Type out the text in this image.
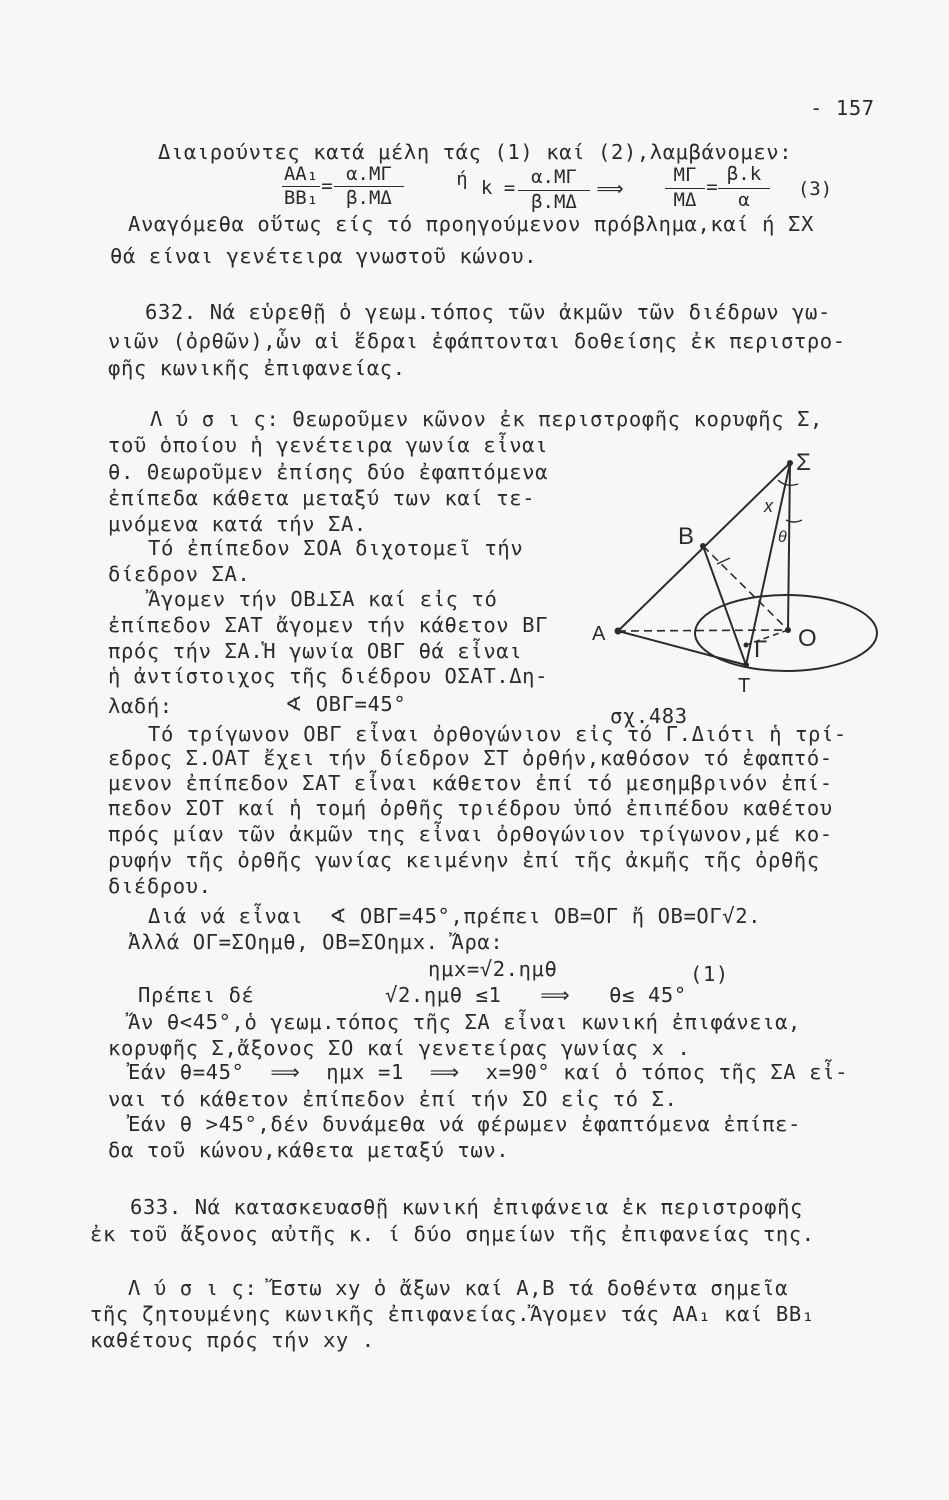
- 157
Διαιρούντες κατά μέλη τάς (1) καί (2),λαμβάνομεν:
ΑΑ₁
ΒΒ₁
=
α.ΜΓ
β.ΜΔ
ή k = α.ΜΓ
β.ΜΔ
⟹
ΜΓ
ΜΔ
=
β.k
α	(3)
Αναγόμεθα οὕτως είς τό προηγούμενον πρόβλημα,καί ή ΣΧ
θά είναι γενέτειρα γνωστοῦ κώνου.
632. Νά εὑρεθῇ ὁ γεωμ.τόπος τῶν ἀκμῶν τῶν διέδρων γω-
νιῶν (ὀρθῶν),ὧν αἱ ἕδραι ἐφάπτονται δοθείσης ἐκ περιστρο-
φῆς κωνικῆς ἐπιφανείας.
Λ ύ σ ι ς: Θεωροῦμεν κῶνον ἐκ περιστροφῆς κορυφῆς Σ,
τοῦ ὁποίου ἡ γενέτειρα γωνία εἶναι
θ. Θεωροῦμεν ἐπίσης δύο ἐφαπτόμενα
ἐπίπεδα κάθετα μεταξύ των καί τε-
μνόμενα κατά τήν ΣΑ.
Τό ἐπίπεδον ΣΟΑ διχοτομεῖ τήν
δίεδρον ΣΑ.
Ἄγομεν τήν ΟΒ⊥ΣΑ καί εἰς τό
ἐπίπεδον ΣΑΤ ἄγομεν τήν κάθετον ΒΓ
πρός τήν ΣΑ.Ἡ γωνία ΟΒΓ θά εἶναι
ἡ ἀντίστοιχος τῆς διέδρου ΟΣΑΤ.Δη-
λαδή:	∢ ΟΒΓ=45°
Σ
Β
Α	Ο
Γ
Τ
x
θ
σχ.483
Τό τρίγωνον ΟΒΓ εἶναι ὀρθογώνιον εἰς τό Γ.Διότι ἡ τρί-
εδρος Σ.ΟΑΤ ἔχει τήν δίεδρον ΣΤ ὀρθήν,καθόσον τό ἐφαπτό-
μενον ἐπίπεδον ΣΑΤ εἶναι κάθετον ἐπί τό μεσημβρινόν ἐπί-
πεδον ΣΟΤ καί ἡ τομή ὀρθῆς τριέδρου ὑπό ἐπιπέδου καθέτου
πρός μίαν τῶν ἀκμῶν της εἶναι ὀρθογώνιον τρίγωνον,μέ κο-
ρυφήν τῆς ὀρθῆς γωνίας κειμένην ἐπί τῆς ἀκμῆς τῆς ὀρθῆς
διέδρου.
Διά νά εἶναι  ∢ ΟΒΓ=45°,πρέπει ΟΒ=ΟΓ ἤ ΟΒ=ΟΓ√2.
Ἀλλά ΟΓ=ΣΟημθ, ΟΒ=ΣΟημx. Ἄρα:
ημx=√2.ημθ	(1)
Πρέπει δέ	√2.ημθ ≤1   ⟹   θ≤ 45°
Ἄν θ<45°,ὁ γεωμ.τόπος τῆς ΣΑ εἶναι κωνική ἐπιφάνεια,
κορυφῆς Σ,ἄξονος ΣΟ καί γενετείρας γωνίας x .
Ἐάν θ=45°  ⟹  ημx =1  ⟹  x=90° καί ὁ τόπος τῆς ΣΑ εἶ-
ναι τό κάθετον ἐπίπεδον ἐπί τήν ΣΟ εἰς τό Σ.
Ἐάν θ >45°,δέν δυνάμεθα νά φέρωμεν ἐφαπτόμενα ἐπίπε-
δα τοῦ κώνου,κάθετα μεταξύ των.
633. Νά κατασκευασθῇ κωνική ἐπιφάνεια ἐκ περιστροφῆς
ἐκ τοῦ ἄξονος αὐτῆς κ. ί δύο σημείων τῆς ἐπιφανείας της.
Λ ύ σ ι ς: Ἔστω xy ὁ ἄξων καί Α,Β τά δοθέντα σημεῖα
τῆς ζητουμένης κωνικῆς ἐπιφανείας.Ἄγομεν τάς ΑΑ₁ καί ΒΒ₁
καθέτους πρός τήν xy .
